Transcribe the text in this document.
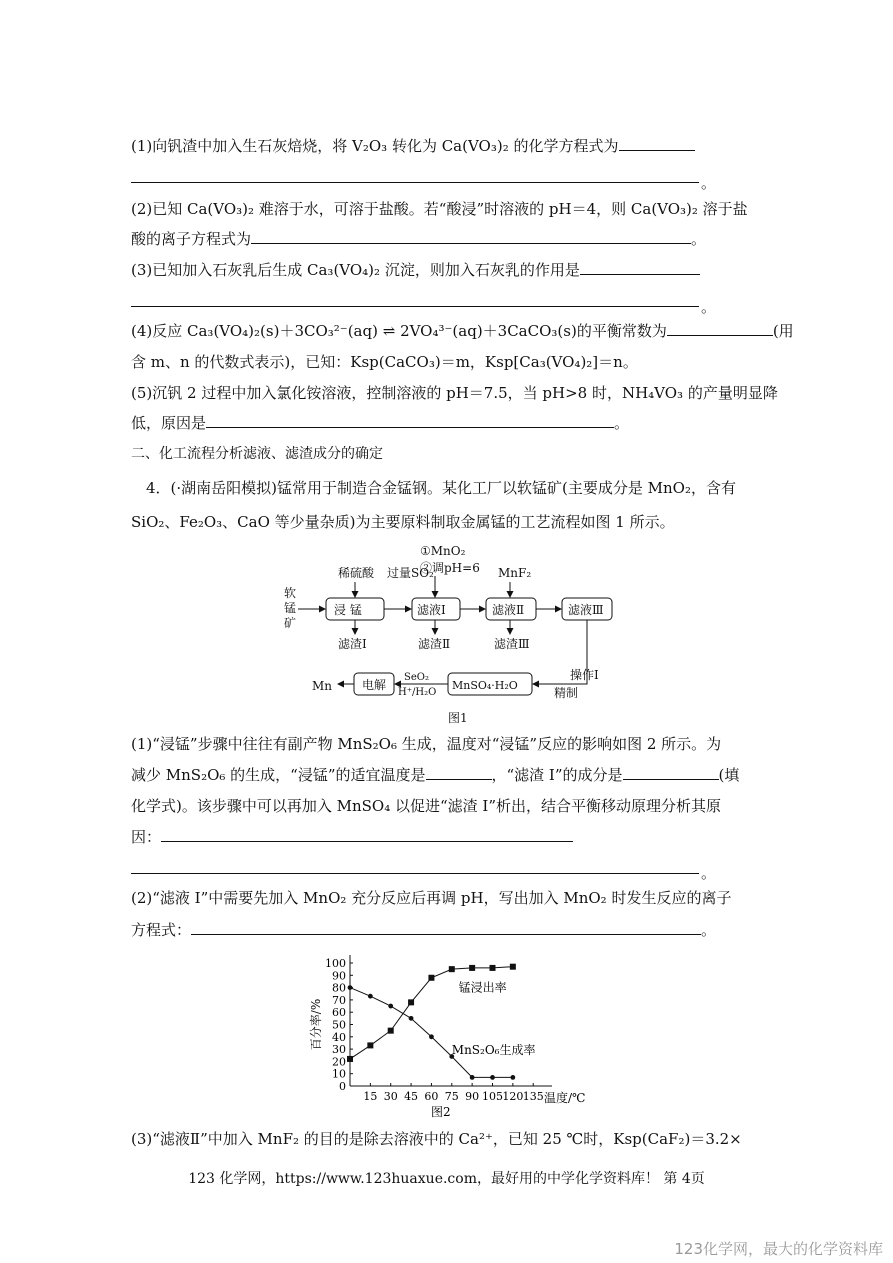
(1)向钒渣中加入生石灰焙烧，将 V₂O₃ 转化为 Ca(VO₃)₂ 的化学方程式为
。
(2)已知 Ca(VO₃)₂ 难溶于水，可溶于盐酸。若“酸浸”时溶液的 pH＝4，则 Ca(VO₃)₂ 溶于盐
酸的离子方程式为	。
(3)已知加入石灰乳后生成 Ca₃(VO₄)₂ 沉淀，则加入石灰乳的作用是
。
(4)反应 Ca₃(VO₄)₂(s)＋3CO₃²⁻(aq) ⇌ 2VO₄³⁻(aq)＋3CaCO₃(s)的平衡常数为	(用
含 m、n 的代数式表示)，已知：Ksp(CaCO₃)＝m，Ksp[Ca₃(VO₄)₂]＝n。
(5)沉钒 2 过程中加入氯化铵溶液，控制溶液的 pH＝7.5，当 pH>8 时，NH₄VO₃ 的产量明显降
低，原因是	。
二、化工流程分析滤液、滤渣成分的确定
4．(·湖南岳阳模拟)锰常用于制造合金锰钢。某化工厂以软锰矿(主要成分是 MnO₂，含有
SiO₂、Fe₂O₃、CaO 等少量杂质)为主要原料制取金属锰的工艺流程如图 1 所示。
软
锰
矿
稀硫酸 过量SO₂
①MnO₂
②调pH=6 MnF₂
滤渣Ⅰ	滤渣Ⅱ	滤渣Ⅲ
操作Ⅰ
精制
SeO₂
H⁺/H₂O
Mn
图1
浸 锰	滤液Ⅰ	滤液Ⅱ	滤液Ⅲ
MnSO₄·H₂O
电解
(1)“浸锰”步骤中往往有副产物 MnS₂O₆ 生成，温度对“浸锰”反应的影响如图 2 所示。为
减少 MnS₂O₆ 的生成，“浸锰”的适宜温度是	，“滤渣 Ⅰ”的成分是	(填
化学式)。该步骤中可以再加入 MnSO₄ 以促进“滤渣 Ⅰ”析出，结合平衡移动原理分析其原
因：
。
(2)“滤液 Ⅰ”中需要先加入 MnO₂ 充分反应后再调 pH，写出加入 MnO₂ 时发生反应的离子
方程式：	。
0
10
20
30
40
50
60
70
80
90
100
15 30 45 60 75 90 105 120 135
百分率/%
温度/℃
图2
锰浸出率
MnS₂O₆生成率
(3)“滤液Ⅱ”中加入 MnF₂ 的目的是除去溶液中的 Ca²⁺，已知 25 ℃时，Ksp(CaF₂)＝3.2×
123 化学网，https://www.123huaxue.com，最好用的中学化学资料库！ 第 4页
123化学网，最大的化学资料库
